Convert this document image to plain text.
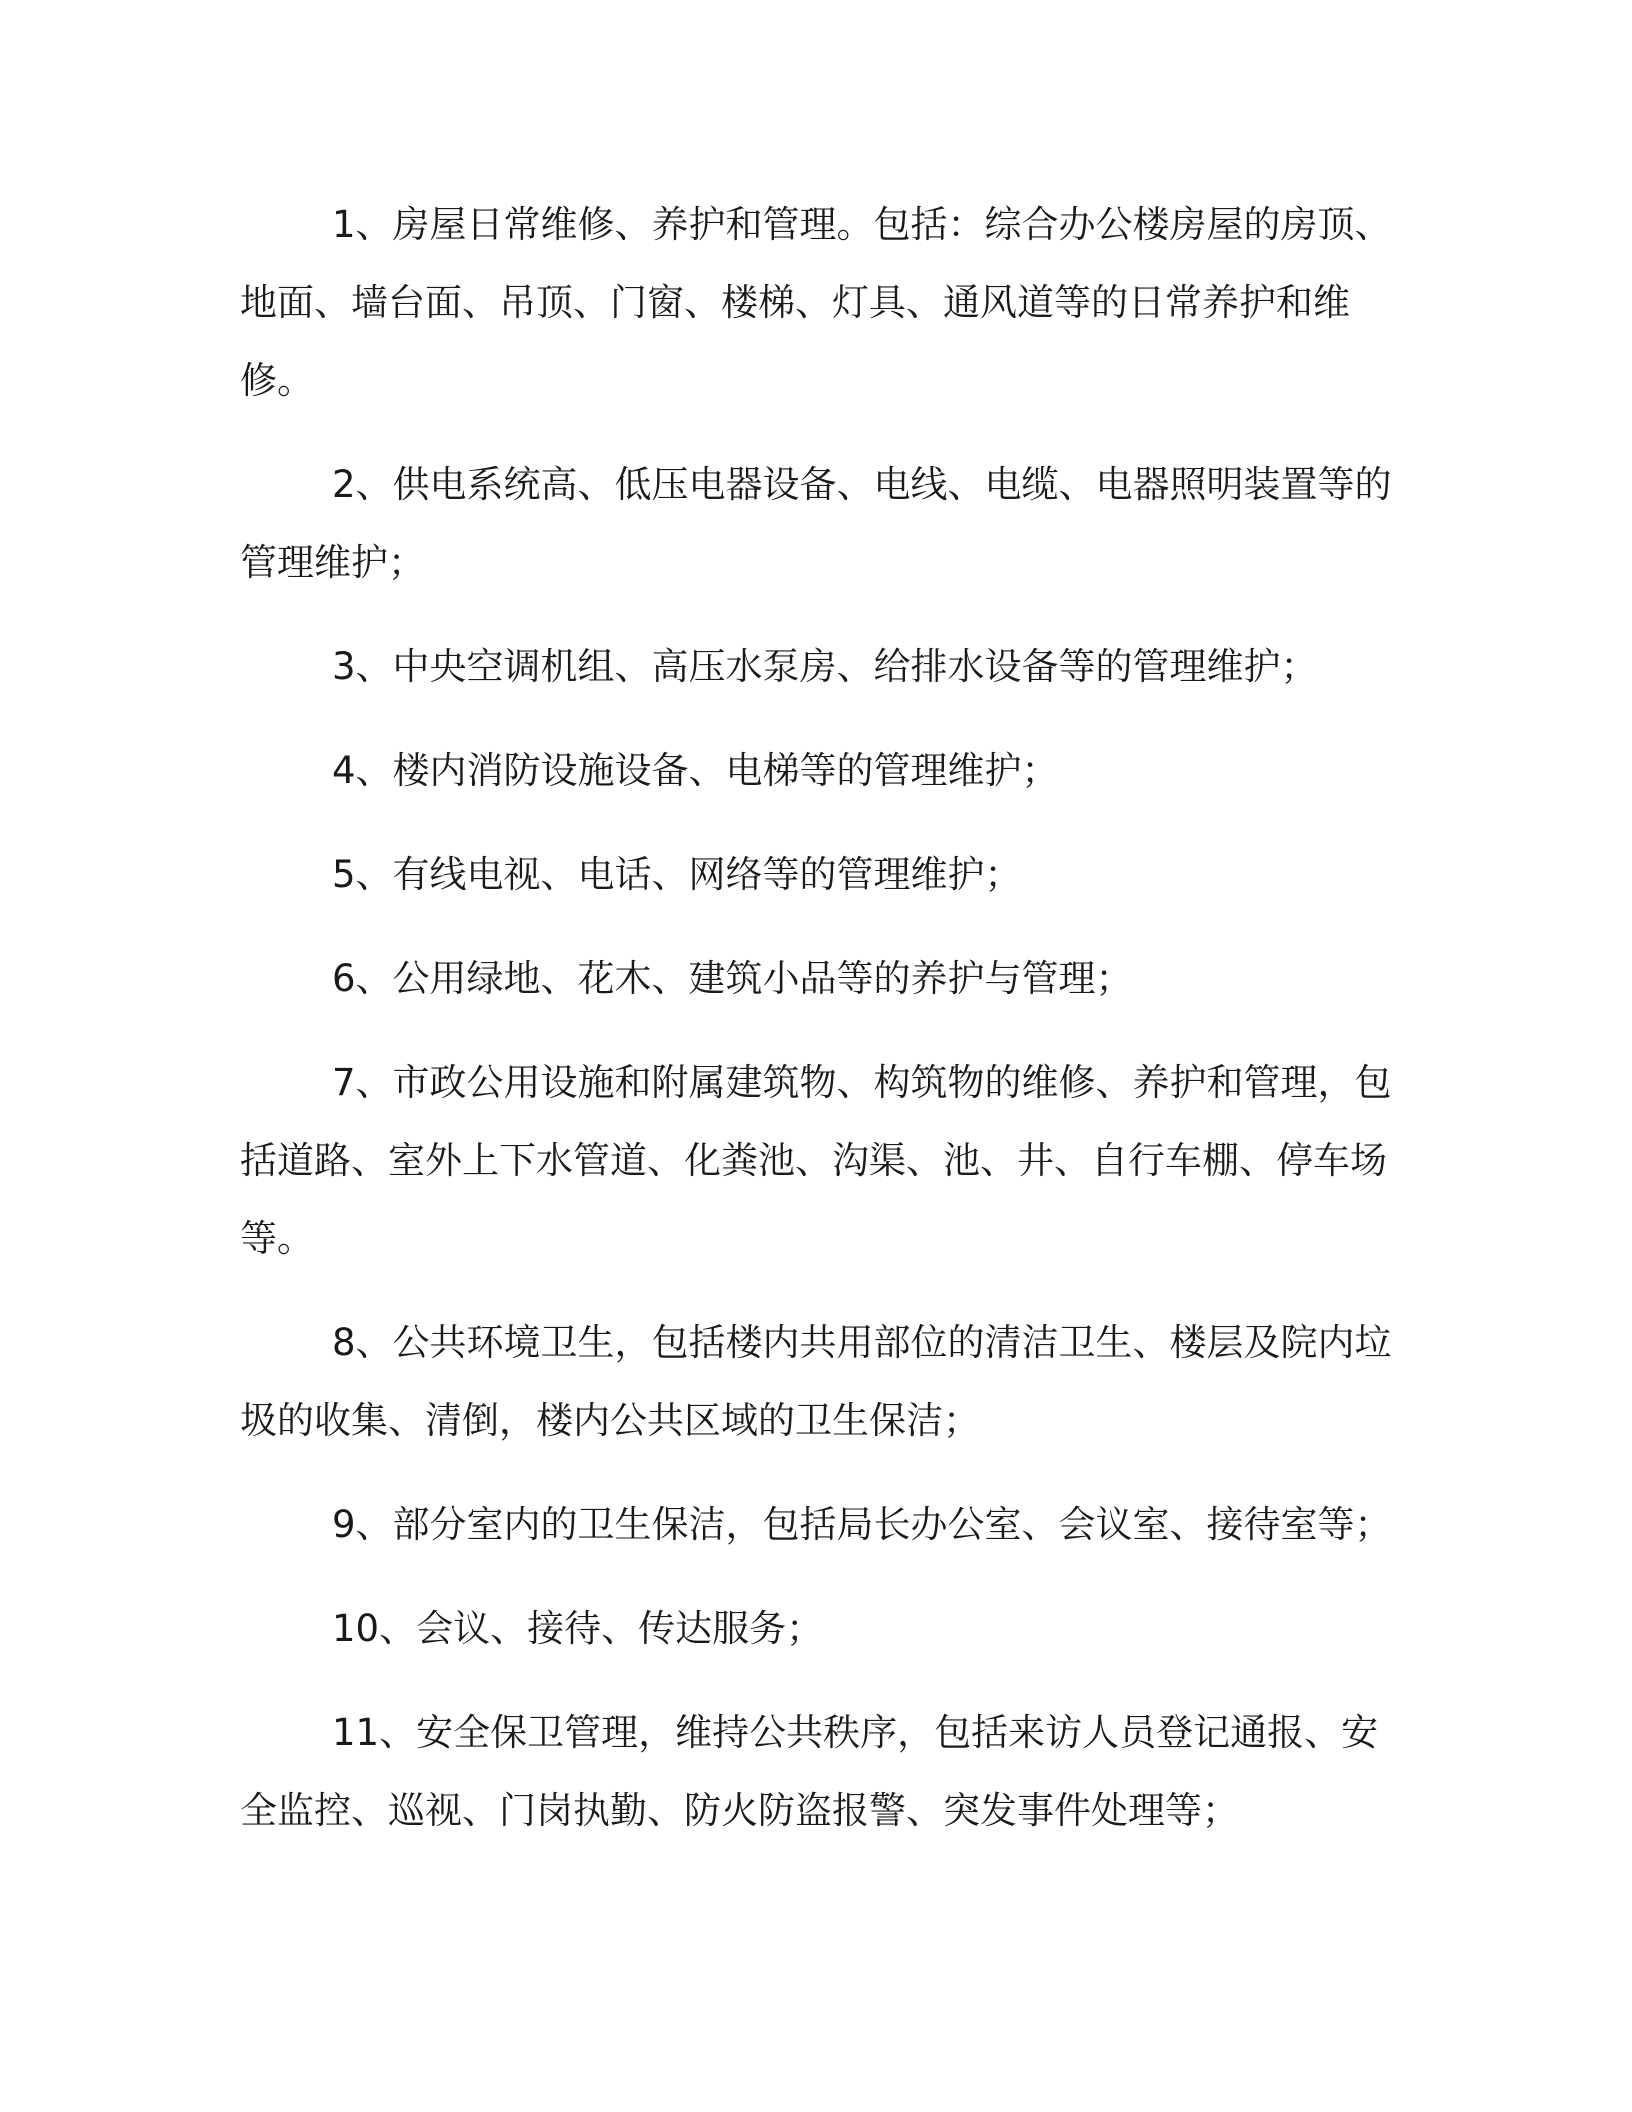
1、房屋日常维修、养护和管理。包括：综合办公楼房屋的房顶、地面、墙台面、吊顶、门窗、楼梯、灯具、通风道等的日常养护和维修。

2、供电系统高、低压电器设备、电线、电缆、电器照明装置等的管理维护；

3、中央空调机组、高压水泵房、给排水设备等的管理维护；

4、楼内消防设施设备、电梯等的管理维护；

5、有线电视、电话、网络等的管理维护；

6、公用绿地、花木、建筑小品等的养护与管理；

7、市政公用设施和附属建筑物、构筑物的维修、养护和管理，包括道路、室外上下水管道、化粪池、沟渠、池、井、自行车棚、停车场等。

8、公共环境卫生，包括楼内共用部位的清洁卫生、楼层及院内垃圾的收集、清倒，楼内公共区域的卫生保洁；

9、部分室内的卫生保洁，包括局长办公室、会议室、接待室等；

10、会议、接待、传达服务；

11、安全保卫管理，维持公共秩序，包括来访人员登记通报、安全监控、巡视、门岗执勤、防火防盗报警、突发事件处理等；
